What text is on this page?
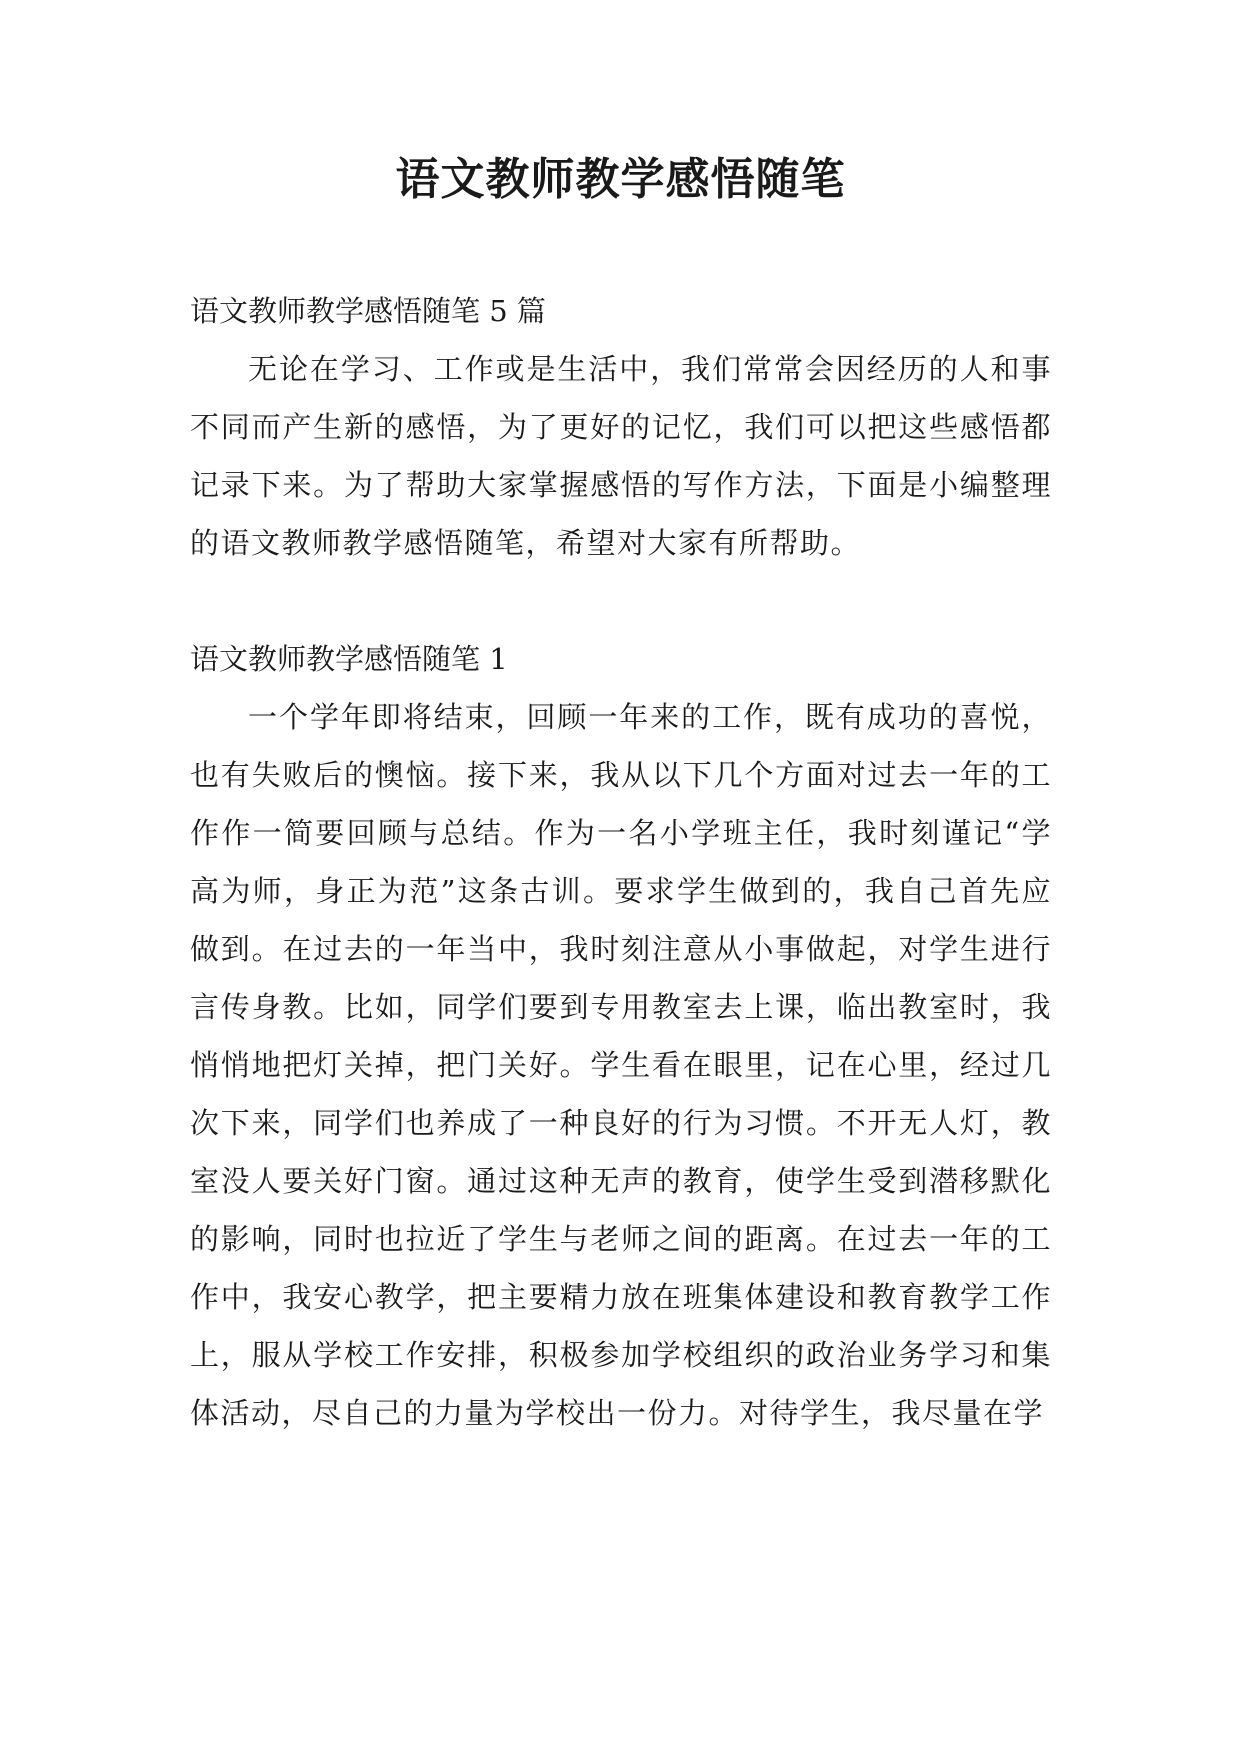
语文教师教学感悟随笔

语文教师教学感悟随笔 5 篇

无论在学习、工作或是生活中，我们常常会因经历的人和事不同而产生新的感悟，为了更好的记忆，我们可以把这些感悟都记录下来。为了帮助大家掌握感悟的写作方法，下面是小编整理的语文教师教学感悟随笔，希望对大家有所帮助。

语文教师教学感悟随笔 1

一个学年即将结束，回顾一年来的工作，既有成功的喜悦，也有失败后的懊恼。接下来，我从以下几个方面对过去一年的工作作一简要回顾与总结。作为一名小学班主任，我时刻谨记“学高为师，身正为范”这条古训。要求学生做到的，我自己首先应做到。在过去的一年当中，我时刻注意从小事做起，对学生进行言传身教。比如，同学们要到专用教室去上课，临出教室时，我悄悄地把灯关掉，把门关好。学生看在眼里，记在心里，经过几次下来，同学们也养成了一种良好的行为习惯。不开无人灯，教室没人要关好门窗。通过这种无声的教育，使学生受到潜移默化的影响，同时也拉近了学生与老师之间的距离。在过去一年的工作中，我安心教学，把主要精力放在班集体建设和教育教学工作上，服从学校工作安排，积极参加学校组织的政治业务学习和集体活动，尽自己的力量为学校出一份力。对待学生，我尽量在学
